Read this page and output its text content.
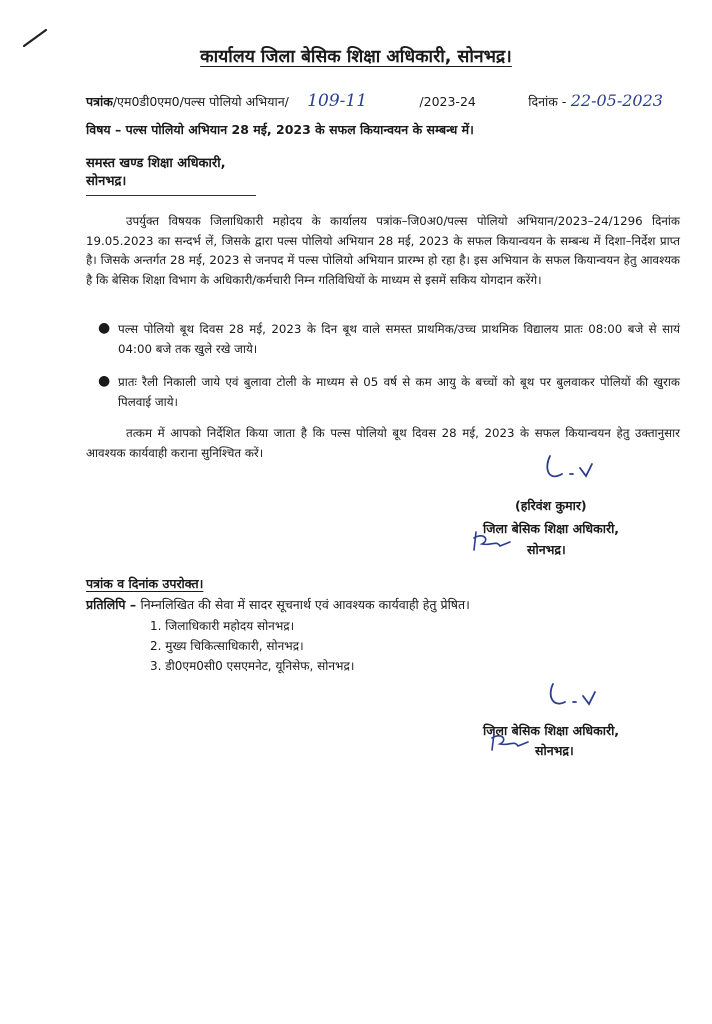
कार्यालय जिला बेसिक शिक्षा अधिकारी, सोनभद्र।
पत्रांक/एम0डी0एम0/पल्स पोलियो अभियान/ 109-11	/2023-24	दिनांक - 22-05-2023
विषय – पल्स पोलियो अभियान 28 मई, 2023 के सफल कियान्वयन के सम्बन्ध में।
समस्त खण्ड शिक्षा अधिकारी,
सोनभद्र।
उपर्युक्त विषयक जिलाधिकारी महोदय के कार्यालय पत्रांक–जि0अ0/पल्स पोलियो अभियान/2023–24/1296 दिनांक 19.05.2023 का सन्दर्भ लें, जिसके द्वारा पल्स पोलियो अभियान 28 मई, 2023 के सफल कियान्वयन के सम्बन्ध में दिशा–निर्देश प्राप्त है। जिसके अन्तर्गत 28 मई, 2023 से जनपद में पल्स पोलियो अभियान प्रारम्भ हो रहा है। इस अभियान के सफल कियान्वयन हेतु आवश्यक है कि बेसिक शिक्षा विभाग के अधिकारी/कर्मचारी निम्न गतिविधियों के माध्यम से इसमें सकिय योगदान करेंगे।
● पल्स पोलियो बूथ दिवस 28 मई, 2023 के दिन बूथ वाले समस्त प्राथमिक/उच्च प्राथमिक विद्यालय प्रातः 08:00 बजे से सायं 04:00 बजे तक खुले रखे जाये।
● प्रातः रैली निकाली जाये एवं बुलावा टोली के माध्यम से 05 वर्ष से कम आयु के बच्चों को बूथ पर बुलवाकर पोलियों की खुराक पिलवाई जाये।
तत्कम में आपको निर्देशित किया जाता है कि पल्स पोलियो बूथ दिवस 28 मई, 2023 के सफल कियान्वयन हेतु उक्तानुसार आवश्यक कार्यवाही कराना सुनिश्चित करें।
(हरिवंश कुमार)
जिला बेसिक शिक्षा अधिकारी,
सोनभद्र।
पत्रांक व दिनांक उपरोक्त।
प्रतिलिपि – निम्नलिखित की सेवा में सादर सूचनार्थ एवं आवश्यक कार्यवाही हेतु प्रेषित।
1. जिलाधिकारी महोदय सोनभद्र।
2. मुख्य चिकित्साधिकारी, सोनभद्र।
3. डी0एम0सी0 एसएमनेट, यूनिसेफ, सोनभद्र।
जिला बेसिक शिक्षा अधिकारी,
सोनभद्र।
